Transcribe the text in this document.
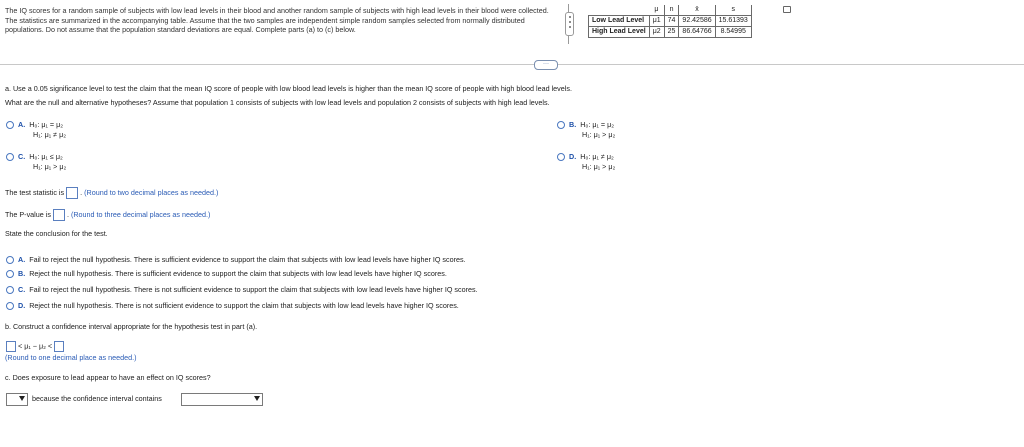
The IQ scores for a random sample of subjects with low lead levels in their blood and another random sample of subjects with high lead levels in their blood were collected. The statistics are summarized in the accompanying table. Assume that the two samples are independent simple random samples selected from normally distributed populations. Do not assume that the population standard deviations are equal. Complete parts (a) to (c) below.
	μ	n	x̄	s
Low Lead Level	μ1	74	92.42586	15.61393
High Lead Level	μ2	25	86.64766	8.54995
···
a. Use a 0.05 significance level to test the claim that the mean IQ score of people with low blood lead levels is higher than the mean IQ score of people with high blood lead levels.
What are the null and alternative hypotheses? Assume that population 1 consists of subjects with low lead levels and population 2 consists of subjects with high lead levels.
A. H₀: μ₁ = μ₂
H₁: μ₁ ≠ μ₂
B. H₀: μ₁ = μ₂
H₁: μ₁ > μ₂
C. H₀: μ₁ ≤ μ₂
H₁: μ₁ > μ₂
D. H₀: μ₁ ≠ μ₂
H₁: μ₁ > μ₂
The test statistic is . (Round to two decimal places as needed.)
The P-value is . (Round to three decimal places as needed.)
State the conclusion for the test.
A. Fail to reject the null hypothesis. There is sufficient evidence to support the claim that subjects with low lead levels have higher IQ scores.
B. Reject the null hypothesis. There is sufficient evidence to support the claim that subjects with low lead levels have higher IQ scores.
C. Fail to reject the null hypothesis. There is not sufficient evidence to support the claim that subjects with low lead levels have higher IQ scores.
D. Reject the null hypothesis. There is not sufficient evidence to support the claim that subjects with low lead levels have higher IQ scores.
b. Construct a confidence interval appropriate for the hypothesis test in part (a).
< μ₁ − μ₂ <
(Round to one decimal place as needed.)
c. Does exposure to lead appear to have an effect on IQ scores?
because the confidence interval contains
